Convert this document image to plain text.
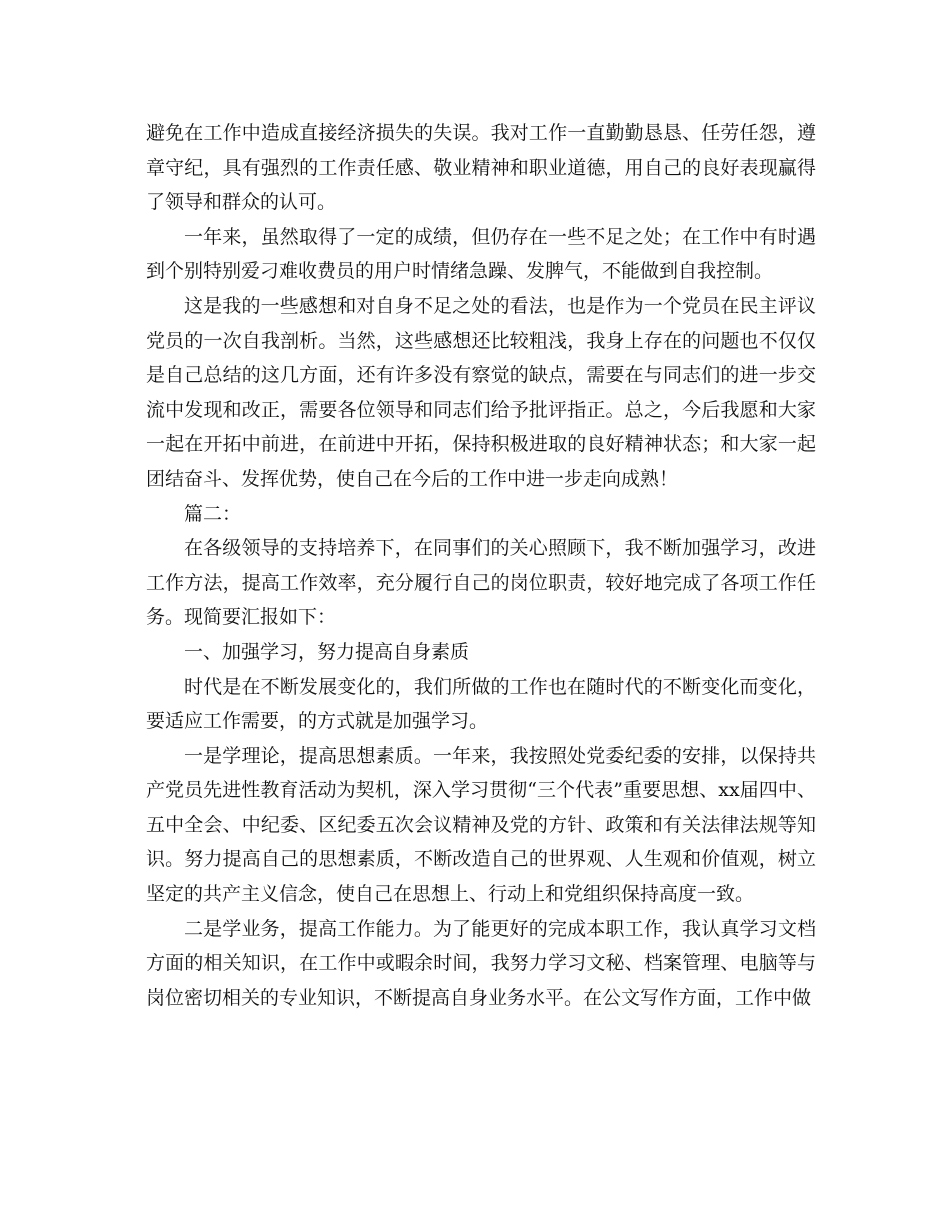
避免在工作中造成直接经济损失的失误。我对工作一直勤勤恳恳、任劳任怨，遵章守纪，具有强烈的工作责任感、敬业精神和职业道德，用自己的良好表现赢得了领导和群众的认可。

一年来，虽然取得了一定的成绩，但仍存在一些不足之处；在工作中有时遇到个别特别爱刁难收费员的用户时情绪急躁、发脾气，不能做到自我控制。

这是我的一些感想和对自身不足之处的看法，也是作为一个党员在民主评议党员的一次自我剖析。当然，这些感想还比较粗浅，我身上存在的问题也不仅仅是自己总结的这几方面，还有许多没有察觉的缺点，需要在与同志们的进一步交流中发现和改正，需要各位领导和同志们给予批评指正。总之，今后我愿和大家一起在开拓中前进，在前进中开拓，保持积极进取的良好精神状态；和大家一起团结奋斗、发挥优势，使自己在今后的工作中进一步走向成熟！

篇二：

在各级领导的支持培养下，在同事们的关心照顾下，我不断加强学习，改进工作方法，提高工作效率，充分履行自己的岗位职责，较好地完成了各项工作任务。现简要汇报如下：

一、加强学习，努力提高自身素质

时代是在不断发展变化的，我们所做的工作也在随时代的不断变化而变化，要适应工作需要，的方式就是加强学习。

一是学理论，提高思想素质。一年来，我按照处党委纪委的安排，以保持共产党员先进性教育活动为契机，深入学习贯彻“三个代表”重要思想、xx届四中、五中全会、中纪委、区纪委五次会议精神及党的方针、政策和有关法律法规等知识。努力提高自己的思想素质，不断改造自己的世界观、人生观和价值观，树立坚定的共产主义信念，使自己在思想上、行动上和党组织保持高度一致。

二是学业务，提高工作能力。为了能更好的完成本职工作，我认真学习文档方面的相关知识，在工作中或暇余时间，我努力学习文秘、档案管理、电脑等与岗位密切相关的专业知识，不断提高自身业务水平。在公文写作方面，工作中做
